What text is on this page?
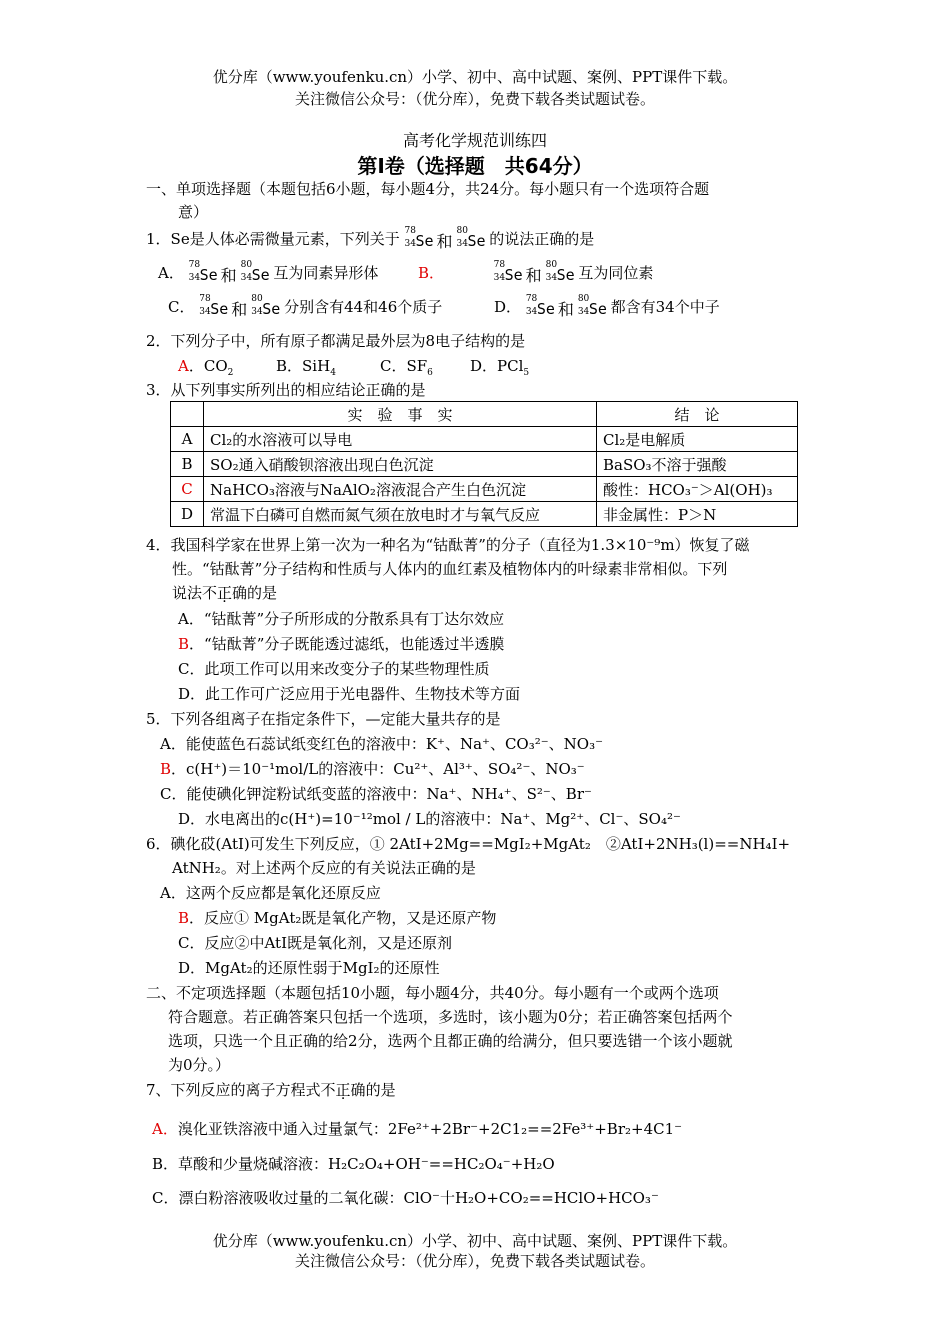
优分库（www.youfenku.cn）小学、初中、高中试题、案例、PPT课件下载。
关注微信公众号：（优分库），免费下载各类试题试卷。
高考化学规范训练四
第Ⅰ卷（选择题　共64分）
一、单项选择题（本题包括6小题，每小题4分，共24分。每小题只有一个选项符合题
意）
1．Se是人体必需微量元素，下列关于 78
34 Se 和
80
34 Se 的说法正确的是
A． 78
34 Se 和
80
34 Se 互为同素异形体	B．	78
34 Se 和
80
34 Se 互为同位素
C． 78
34 Se 和
80
34 Se 分别含有44和46个质子	D． 78
34 Se 和
80
34 Se 都含有34个中子
2．下列分子中，所有原子都满足最外层为8电子结构的是
A．$CO_2$	B．SiH$_4$	C．$SF_6$ D．PCl$_5$
3．从下列事实所列出的相应结论正确的是
	实　验　事　实	结　论
A	Cl₂的水溶液可以导电	Cl₂是电解质
B	SO₂通入硝酸钡溶液出现白色沉淀	BaSO₃不溶于强酸
C	NaHCO₃溶液与NaAlO₂溶液混合产生白色沉淀	酸性：HCO₃⁻＞Al(OH)₃
D	常温下白磷可自燃而氮气须在放电时才与氧气反应	非金属性：P＞N
4．我国科学家在世界上第一次为一种名为“钴酞菁”的分子（直径为1.3×10⁻⁹m）恢复了磁
性。“钴酞菁”分子结构和性质与人体内的血红素及植物体内的叶绿素非常相似。下列
说法不正确的是
A．“钴酞菁”分子所形成的分散系具有丁达尔效应
B．“钴酞菁”分子既能透过滤纸，也能透过半透膜
C．此项工作可以用来改变分子的某些物理性质
D．此工作可广泛应用于光电器件、生物技术等方面
5．下列各组离子在指定条件下，—定能大量共存的是
A．能使蓝色石蕊试纸变红色的溶液中：K⁺、Na⁺、CO₃²⁻、NO₃⁻
B．c(H⁺)＝10⁻¹mol/L的溶液中：Cu²⁺、Al³⁺、SO₄²⁻、NO₃⁻
C．能使碘化钾淀粉试纸变蓝的溶液中：Na⁺、NH₄⁺、S²⁻、Br⁻
D．水电离出的c(H⁺)=10⁻¹²mol / L的溶液中：Na⁺、Mg²⁺、Cl⁻、SO₄²⁻
6．碘化砹(AtI)可发生下列反应，① 2AtI+2Mg==MgI₂+MgAt₂　②AtI+2NH₃(l)==NH₄I+
AtNH₂。对上述两个反应的有关说法正确的是
A．这两个反应都是氧化还原反应
B．反应① MgAt₂既是氧化产物，又是还原产物
C．反应②中AtI既是氧化剂，又是还原剂
D．MgAt₂的还原性弱于MgI₂的还原性
二、不定项选择题（本题包括10小题，每小题4分，共40分。每小题有一个或两个选项
符合题意。若正确答案只包括一个选项，多选时，该小题为0分；若正确答案包括两个
选项，只选一个且正确的给2分，选两个且都正确的给满分，但只要选错一个该小题就
为0分。）
7、下列反应的离子方程式不正确的是
A．溴化亚铁溶液中通入过量氯气：2Fe²⁺+2Br⁻+2C1₂==2Fe³⁺+Br₂+4C1⁻
B．草酸和少量烧碱溶液：H₂C₂O₄+OH⁻==HC₂O₄⁻+H₂O
C．漂白粉溶液吸收过量的二氧化碳：ClO⁻十H₂O+CO₂==HClO+HCO₃⁻
优分库（www.youfenku.cn）小学、初中、高中试题、案例、PPT课件下载。
关注微信公众号：（优分库），免费下载各类试题试卷。
